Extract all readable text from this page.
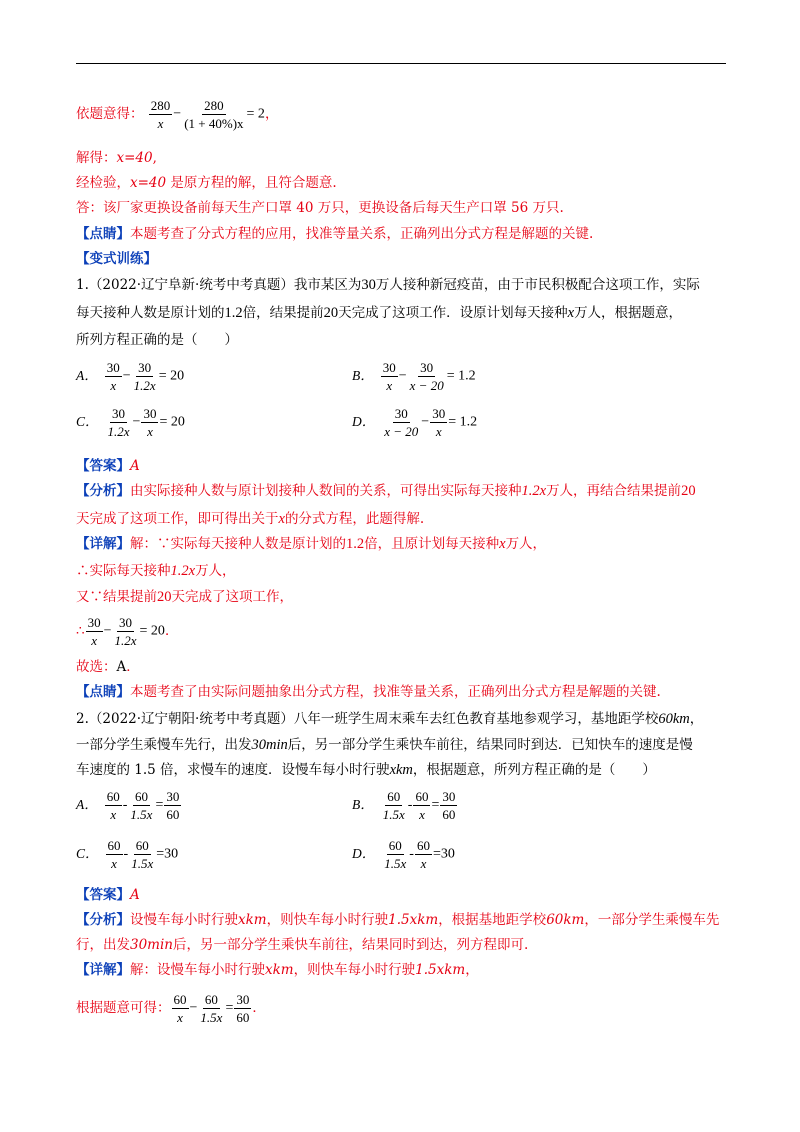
依题意得： $\frac{280}{x} - \frac{280}{(1 + 40\%)x} = 2$，
解得：x=40,
经检验，x=40 是原方程的解，且符合题意.
答：该厂家更换设备前每天生产口罩 40 万只，更换设备后每天生产口罩 56 万只.
【点睛】本题考查了分式方程的应用，找准等量关系，正确列出分式方程是解题的关键.
【变式训练】
1.（2022·辽宁阜新·统考中考真题）我市某区为30万人接种新冠疫苗，由于市民积极配合这项工作，实际
每天接种人数是原计划的1.2倍，结果提前20天完成了这项工作．设原计划每天接种x万人，根据题意，
所列方程正确的是（　　）
A． $\frac{30}{x} - \frac{30}{1.2x} = 20$	B． $\frac{30}{x} - \frac{30}{x - 20} = 1.2$
C． $\frac{30}{1.2x} - \frac{30}{x} = 20$	D． $\frac{30}{x - 20} - \frac{30}{x} = 1.2$
【答案】A
【分析】由实际接种人数与原计划接种人数间的关系，可得出实际每天接种1.2x万人，再结合结果提前20
天完成了这项工作，即可得出关于x的分式方程，此题得解.
【详解】解：∵实际每天接种人数是原计划的1.2倍，且原计划每天接种x万人，
∴实际每天接种1.2x万人，
又∵结果提前20天完成了这项工作，
∴ $\frac{30}{x} - \frac{30}{1.2x} = 20$．
故选：A．
【点睛】本题考查了由实际问题抽象出分式方程，找准等量关系，正确列出分式方程是解题的关键.
2.（2022·辽宁朝阳·统考中考真题）八年一班学生周末乘车去红色教育基地参观学习，基地距学校60km，
一部分学生乘慢车先行，出发30min后，另一部分学生乘快车前往，结果同时到达．已知快车的速度是慢
车速度的 1.5 倍，求慢车的速度．设慢车每小时行驶xkm，根据题意，所列方程正确的是（　　）
A． $\frac{60}{x} - \frac{60}{1.5x} = \frac{30}{60}$	B． $\frac{60}{1.5x} - \frac{60}{x} = \frac{30}{60}$
C． $\frac{60}{x} - \frac{60}{1.5x} =30$	D． $\frac{60}{1.5x} - \frac{60}{x} =30$
【答案】A
【分析】设慢车每小时行驶xkm，则快车每小时行驶1.5xkm，根据基地距学校60km，一部分学生乘慢车先
行，出发30min后，另一部分学生乘快车前往，结果同时到达，列方程即可.
【详解】解：设慢车每小时行驶xkm，则快车每小时行驶1.5xkm，
根据题意可得： $\frac{60}{x} - \frac{60}{1.5x} = \frac{30}{60}$ ．
